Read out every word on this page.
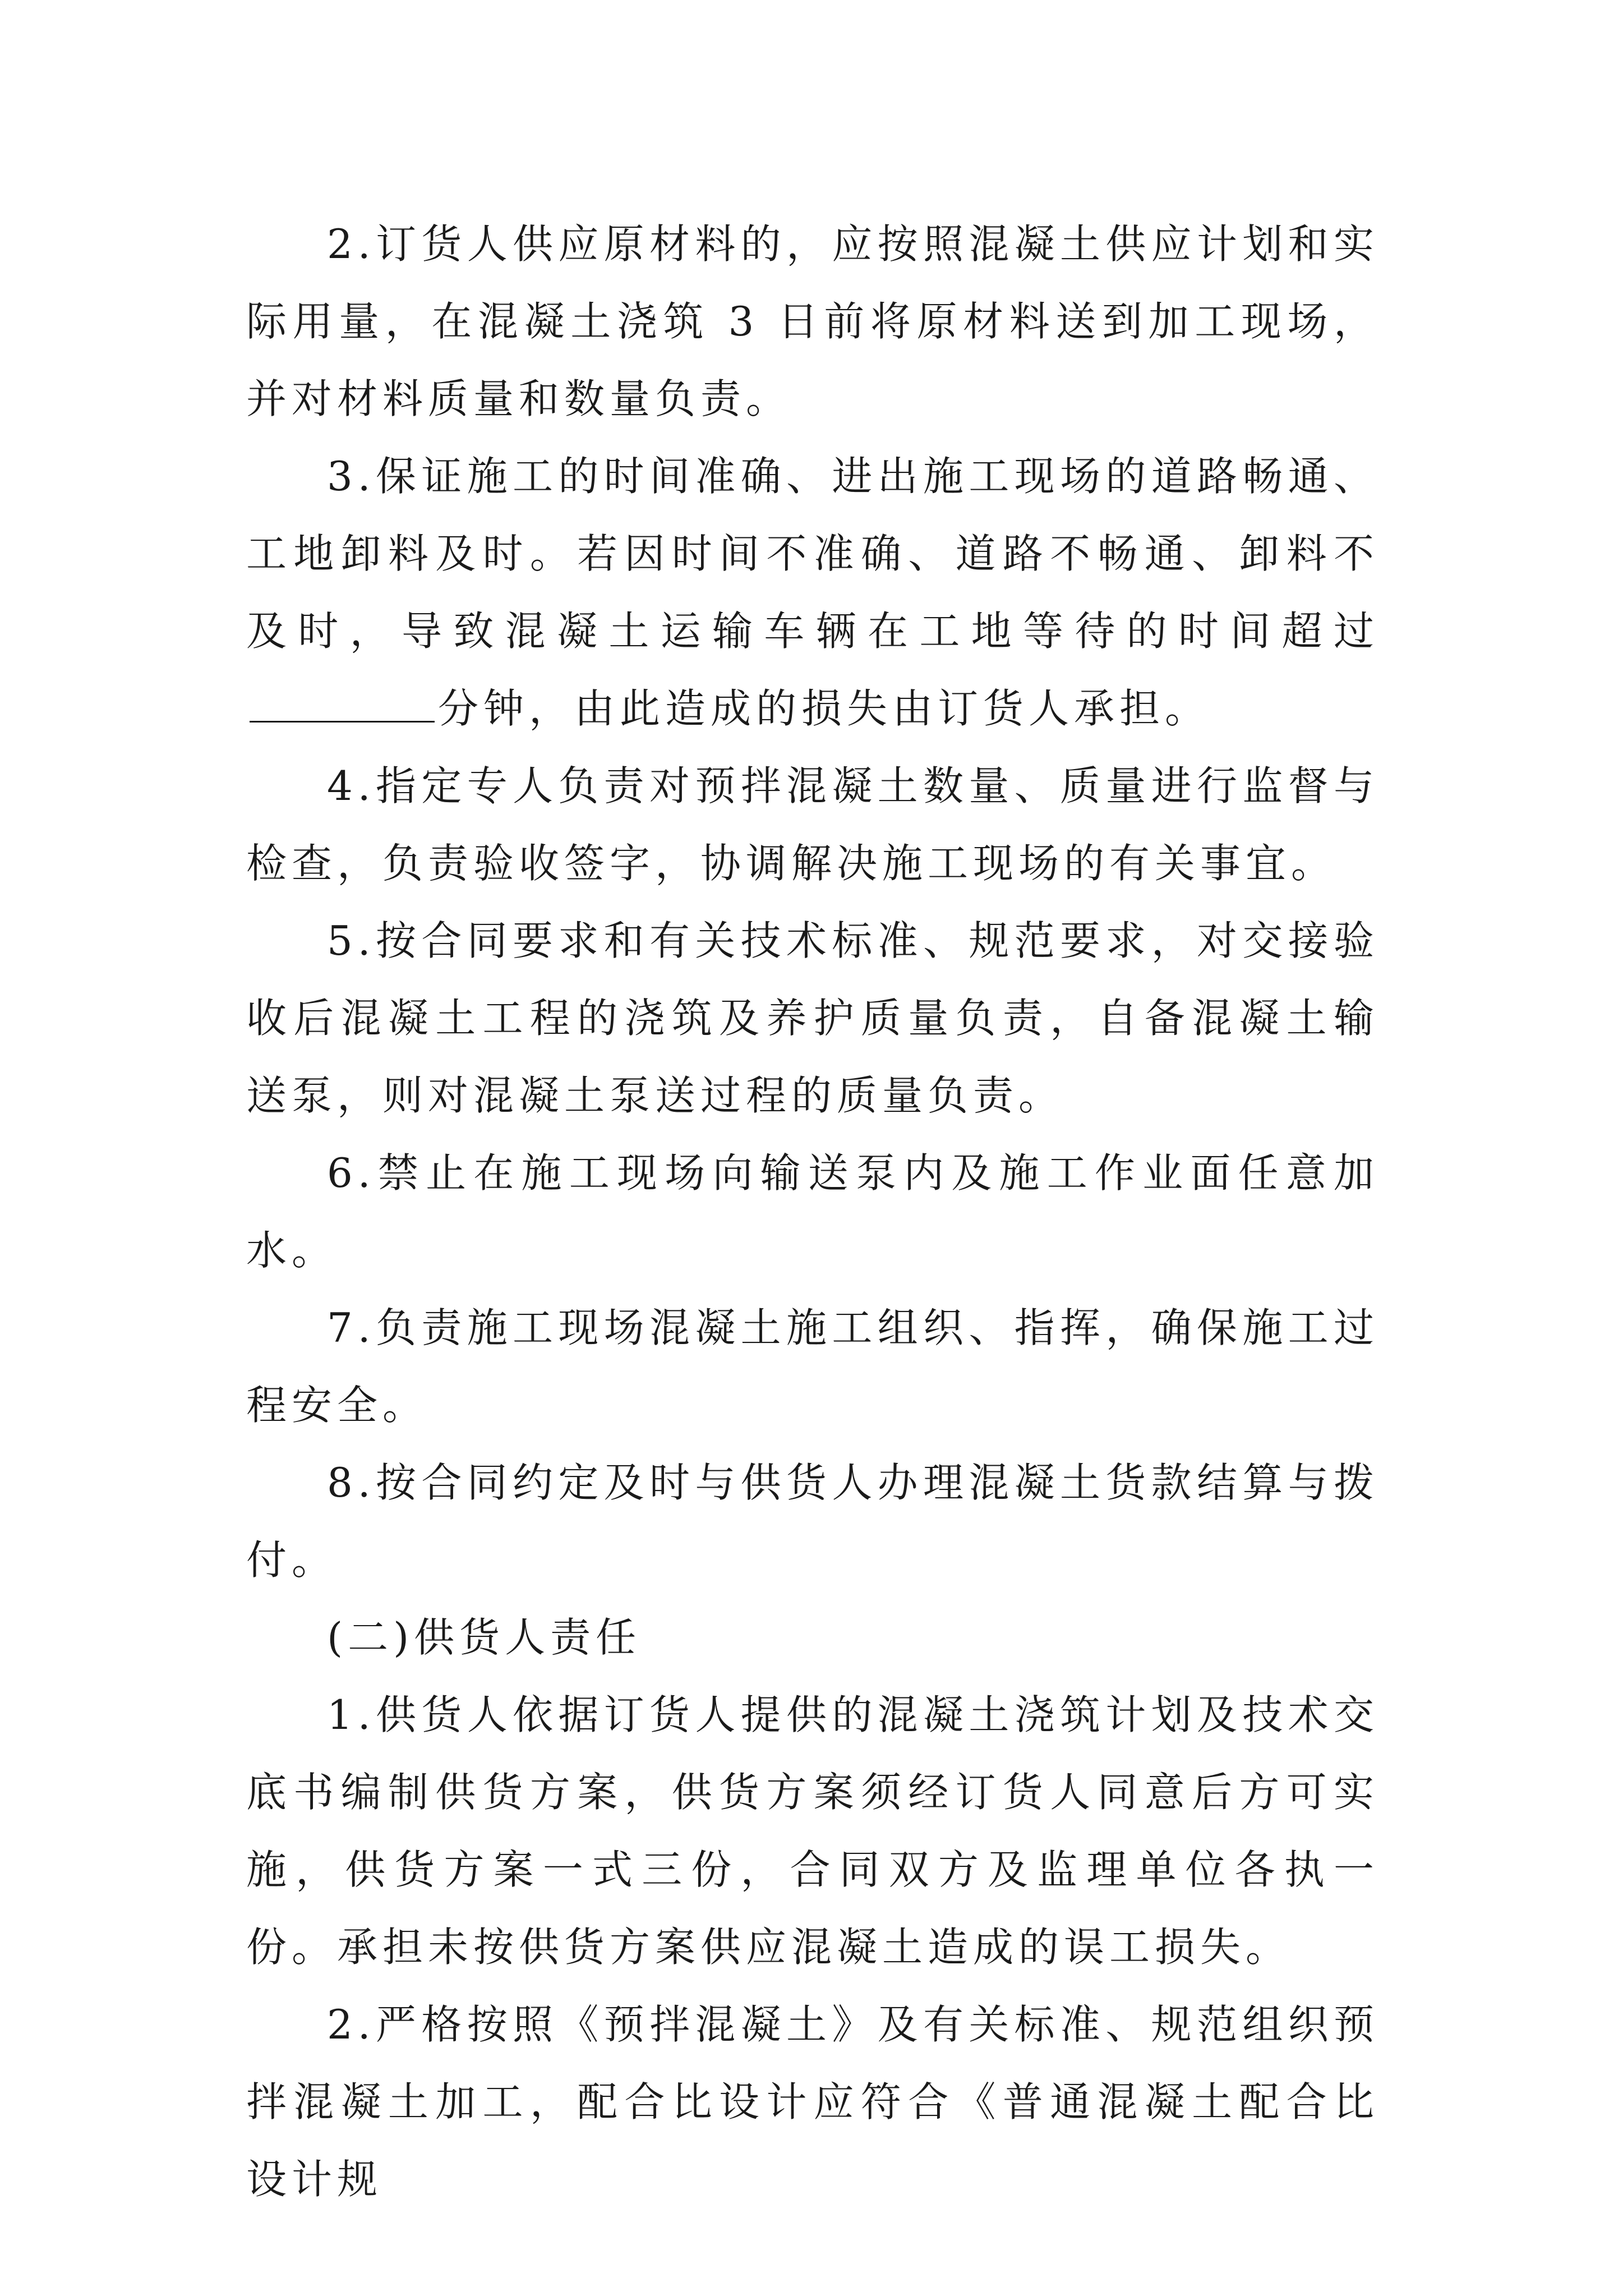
2.订货人供应原材料的，应按照混凝土供应计划和实际用量，在混凝土浇筑 3 日前将原材料送到加工现场，并对材料质量和数量负责。

3.保证施工的时间准确、进出施工现场的道路畅通、工地卸料及时。若因时间不准确、道路不畅通、卸料不及时，导致混凝土运输车辆在工地等待的时间超过分钟，由此造成的损失由订货人承担。

4.指定专人负责对预拌混凝土数量、质量进行监督与检查，负责验收签字，协调解决施工现场的有关事宜。

5.按合同要求和有关技术标准、规范要求，对交接验收后混凝土工程的浇筑及养护质量负责，自备混凝土输送泵，则对混凝土泵送过程的质量负责。

6.禁止在施工现场向输送泵内及施工作业面任意加水。

7.负责施工现场混凝土施工组织、指挥，确保施工过程安全。

8.按合同约定及时与供货人办理混凝土货款结算与拨付。

(二)供货人责任

1.供货人依据订货人提供的混凝土浇筑计划及技术交底书编制供货方案，供货方案须经订货人同意后方可实施，供货方案一式三份，合同双方及监理单位各执一份。承担未按供货方案供应混凝土造成的误工损失。

2.严格按照《预拌混凝土》及有关标准、规范组织预拌混凝土加工，配合比设计应符合《普通混凝土配合比设计规
